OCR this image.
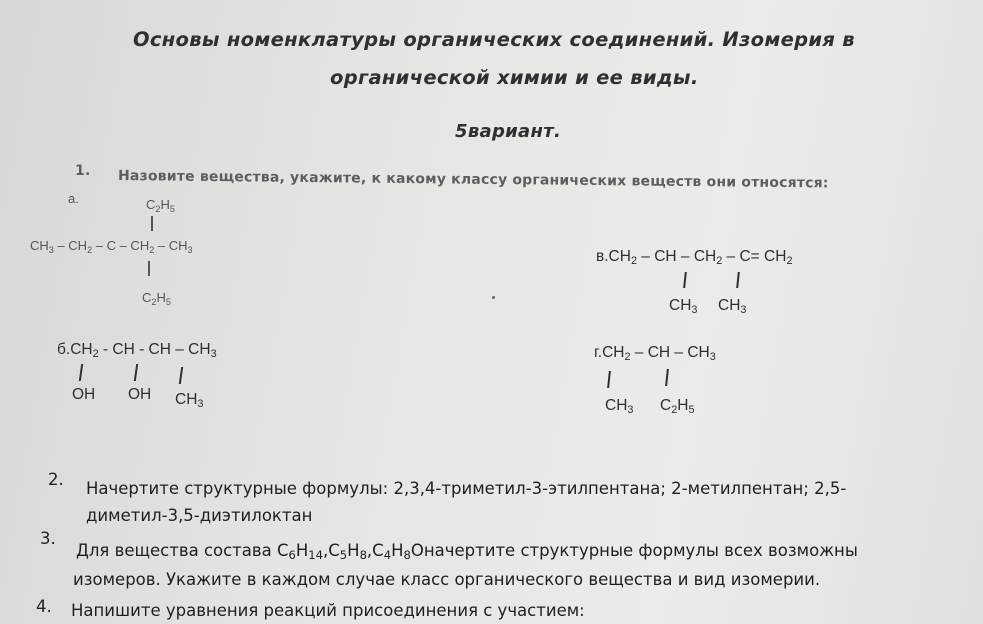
Основы номенклатуры органических соединений. Изомерия в
органической химии и ее виды.
5вариант.
1. Назовите вещества, укажите, к какому классу органических веществ они относятся:
а.	$C_2H_5$
$CH_3 - CH_2$ – C – $CH_2 - CH_3$
$C_2H_5$
$б.CH_2$ - CH - CH – $CH_3$
OH OH $CH_3$
$в.CH_2$ – CH – $CH_2 - C= CH_2$
$CH_3$ $CH_3$
$г.CH_2$ – CH – $CH_3$
$CH_3$ $C_2H_5$
2. Начертите структурные формулы: 2,3,4-триметил-3-этилпентана; 2-метилпентан; 2,5-
диметил-3,5-диэтилоктан
3.
Для вещества состава $C_6H_{14},C_5H_8,C_4H_8Оначертите$ структурные формулы всех возможны
изомеров. Укажите в каждом случае класс органического вещества и вид изомерии.
4. Напишите уравнения реакций присоединения с участием:
